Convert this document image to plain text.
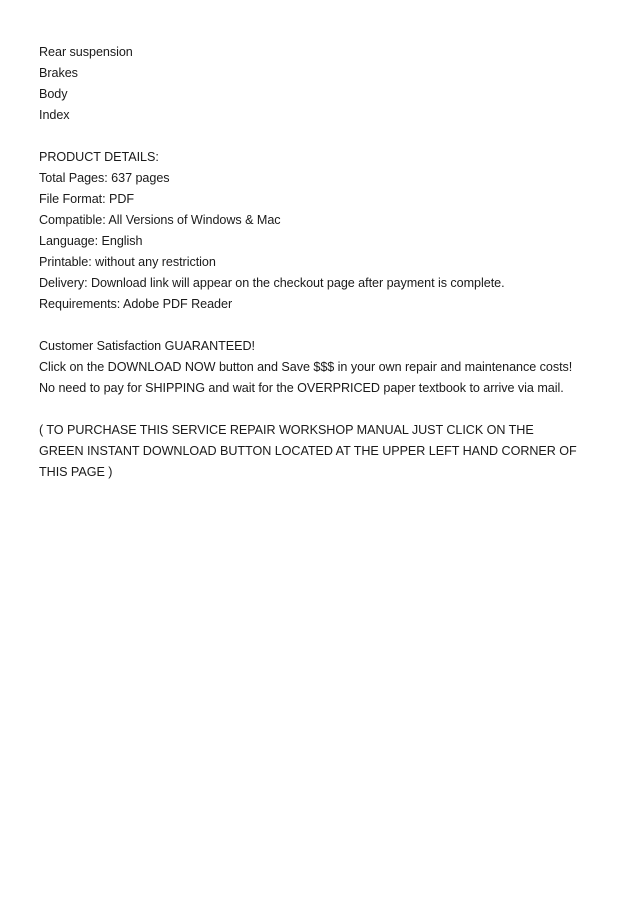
Rear suspension
Brakes
Body
Index
PRODUCT DETAILS:
Total Pages: 637 pages
File Format: PDF
Compatible: All Versions of Windows & Mac
Language: English
Printable: without any restriction
Delivery: Download link will appear on the checkout page after payment is complete.
Requirements: Adobe PDF Reader
Customer Satisfaction GUARANTEED!
Click on the DOWNLOAD NOW button and Save $$$ in your own repair and maintenance costs!
No need to pay for SHIPPING and wait for the OVERPRICED paper textbook to arrive via mail.
( TO PURCHASE THIS SERVICE REPAIR WORKSHOP MANUAL JUST CLICK ON THE
GREEN INSTANT DOWNLOAD BUTTON LOCATED AT THE UPPER LEFT HAND CORNER OF
THIS PAGE )
